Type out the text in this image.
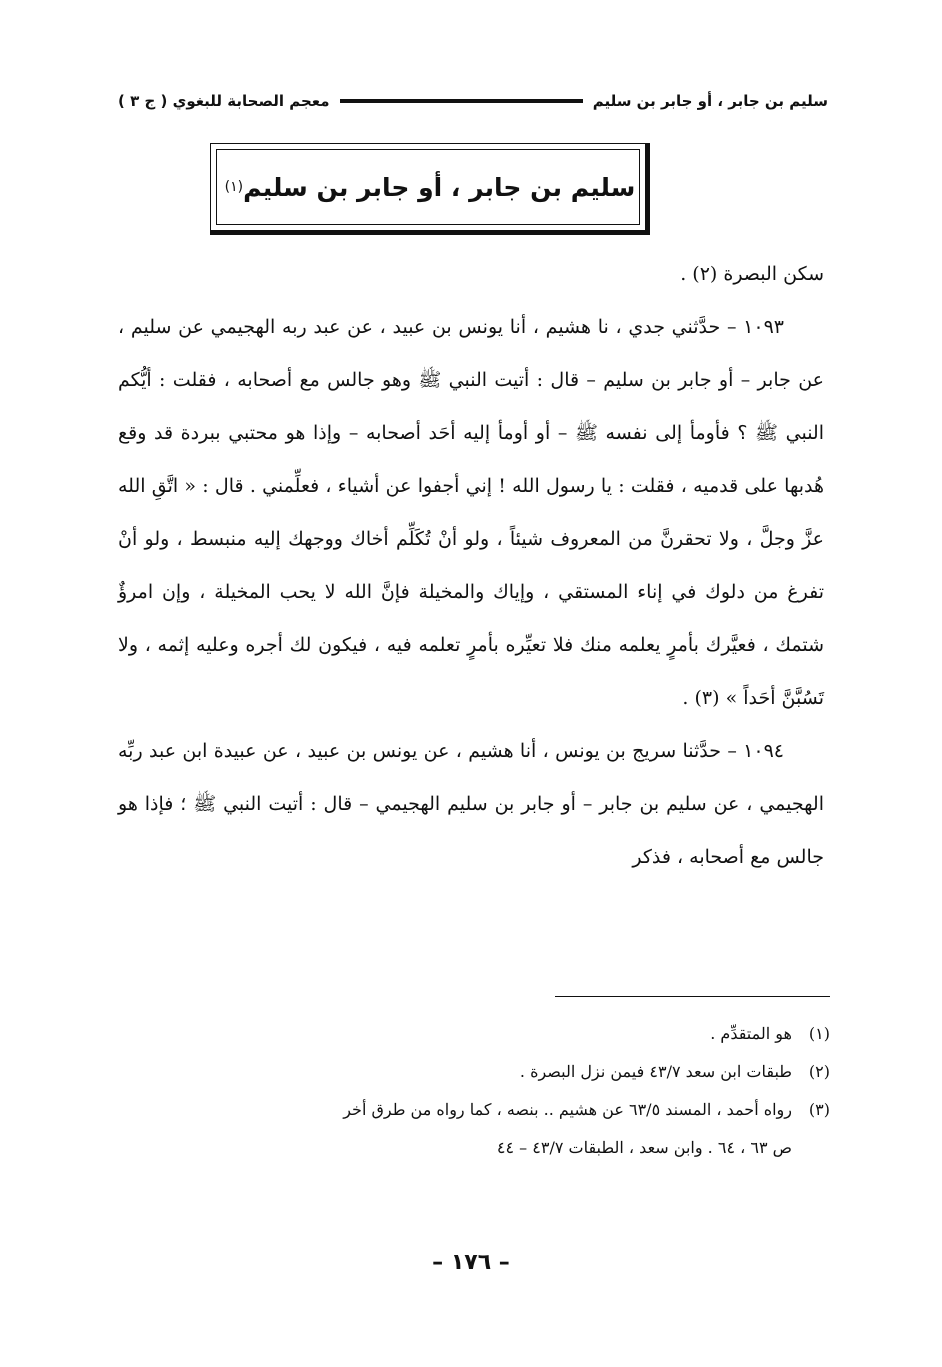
سليم بن جابر ، أو جابر بن سليم
معجم الصحابة للبغوي ( ج ٣ )
سليم بن جابر ، أو جابر بن سليم
(١)

سكن البصرة (٢) .

١٠٩٣ – حدَّثني جدي ، نا هشيم ، أنا يونس بن عبيد ، عن عبد ربه الهجيمي عن سليم ، عن جابر – أو جابر بن سليم – قال : أتيت النبي ﷺ وهو جالس مع أصحابه ، فقلت : أيُّكم النبي ﷺ ؟ فأومأ إلى نفسه ﷺ – أو أومأ إليه أحَد أصحابه – وإذا هو محتبي ببردة قد وقع هُدبها على قدميه ، فقلت : يا رسول الله ! إني أجفوا عن أشياء ، فعلِّمني . قال : « اتَّقِ الله عزَّ وجلَّ ، ولا تحقرنَّ من المعروف شيئاً ، ولو أنْ تُكَلِّم أخاك ووجهك إليه منبسط ، ولو أنْ تفرغ من دلوك في إناء المستقي ، وإياك والمخيلة فإنَّ الله لا يحب المخيلة ، وإن امرؤٌ شتمك ، فعيَّرك بأمرٍ يعلمه منك فلا تعيِّره بأمرٍ تعلمه فيه ، فيكون لك أجره وعليه إثمه ، ولا تَسُبَّنَّ أحَداً » (٣) .

١٠٩٤ – حدَّثنا سريج بن يونس ، أنا هشيم ، عن يونس بن عبيد ، عن عبيدة ابن عبد ربِّه الهجيمي ، عن سليم بن جابر – أو جابر بن سليم الهجيمي – قال : أتيت النبي ﷺ ؛ فإذا هو جالس مع أصحابه ، فذكر

(١)هو المتقدِّم .

(٢)طبقات ابن سعد ٤٣/٧ فيمن نزل البصرة .

(٣)رواه أحمد ، المسند ٦٣/٥ عن هشيم .. بنصه ، كما رواه من طرق أخر

ص ٦٣ ، ٦٤ . وابن سعد ، الطبقات ٤٣/٧ – ٤٤

– ١٧٦ –
